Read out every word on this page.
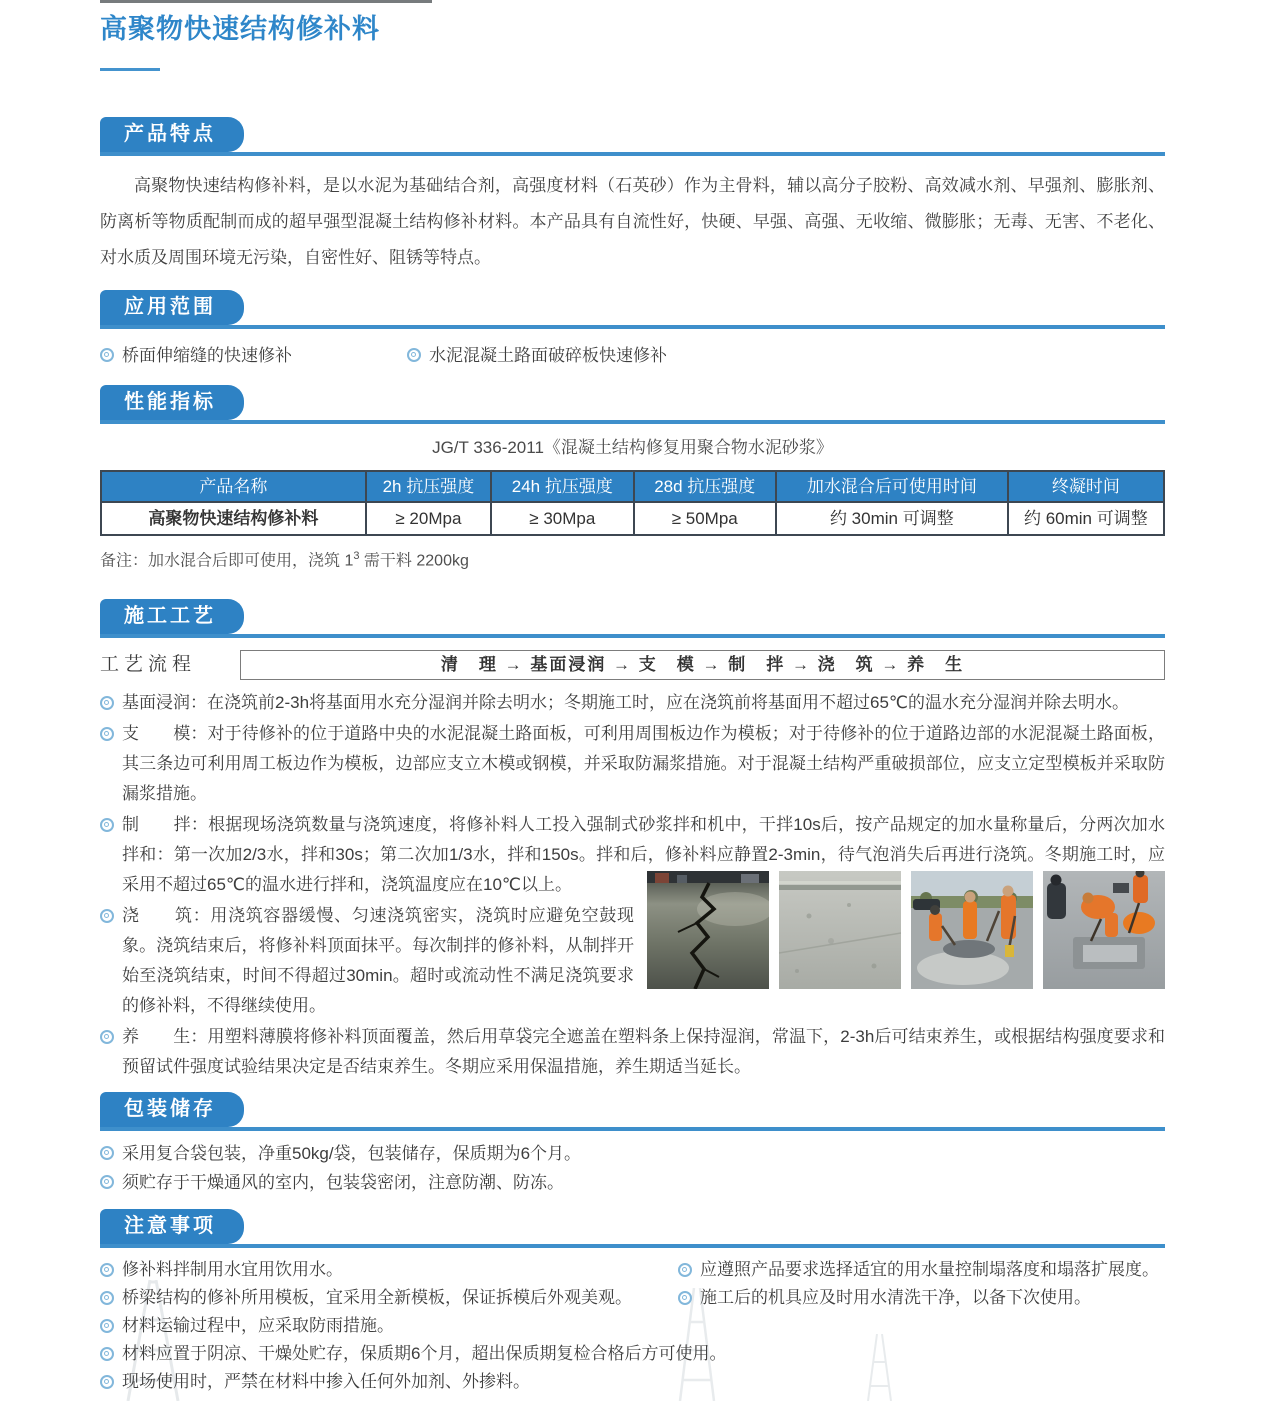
高聚物快速结构修补料
产品特点
高聚物快速结构修补料，是以水泥为基础结合剂，高强度材料（石英砂）作为主骨料，辅以高分子胶粉、高效减水剂、早强剂、膨胀剂、防离析等物质配制而成的超早强型混凝土结构修补材料。本产品具有自流性好，快硬、早强、高强、无收缩、微膨胀；无毒、无害、不老化、对水质及周围环境无污染，自密性好、阻锈等特点。
应用范围
桥面伸缩缝的快速修补	水泥混凝土路面破碎板快速修补
性能指标
JG/T 336-2011《混凝土结构修复用聚合物水泥砂浆》
产品名称	2h 抗压强度	24h 抗压强度	28d 抗压强度	加水混合后可使用时间	终凝时间
高聚物快速结构修补料	≥ 20Mpa	≥ 30Mpa	≥ 50Mpa	约 30min 可调整	约 60min 可调整
备注：加水混合后即可使用，浇筑 $1^3$ 需干料 2200kg
施工工艺
工艺流程	清　理 → 基面浸润 → 支　模 → 制　拌 → 浇　筑 → 养　生
基面浸润：在浇筑前2-3h将基面用水充分湿润并除去明水；冬期施工时，应在浇筑前将基面用不超过65℃的温水充分湿润并除去明水。
支　　模：对于待修补的位于道路中央的水泥混凝土路面板，可利用周围板边作为模板；对于待修补的位于道路边部的水泥混凝土路面板，其三条边可利用周工板边作为模板，边部应支立木模或钢模，并采取防漏浆措施。对于混凝土结构严重破损部位，应支立定型模板并采取防漏浆措施。
制　　拌：根据现场浇筑数量与浇筑速度，将修补料人工投入强制式砂浆拌和机中，干拌10s后，按产品规定的加水量称量后，分两次加水拌和：第一次加2/3水，拌和30s；第二次加1/3水，拌和150s。拌和后，修补料应静置2-3min，待气泡消失后再进行浇筑。冬期施工时，应采用不超过65℃的温水进行拌和，浇筑温度应在10℃以上。
浇　　筑：用浇筑容器缓慢、匀速浇筑密实，浇筑时应避免空鼓现象。浇筑结束后，将修补料顶面抹平。每次制拌的修补料，从制拌开始至浇筑结束，时间不得超过30min。超时或流动性不满足浇筑要求的修补料，不得继续使用。
养　　生：用塑料薄膜将修补料顶面覆盖，然后用草袋完全遮盖在塑料条上保持湿润，常温下，2-3h后可结束养生，或根据结构强度要求和预留试件强度试验结果决定是否结束养生。冬期应采用保温措施，养生期适当延长。
包装储存
采用复合袋包装，净重50kg/袋，包装储存，保质期为6个月。
须贮存于干燥通风的室内，包装袋密闭，注意防潮、防冻。
注意事项
修补料拌制用水宜用饮用水。	应遵照产品要求选择适宜的用水量控制塌落度和塌落扩展度。
桥梁结构的修补所用模板，宜采用全新模板，保证拆模后外观美观。	施工后的机具应及时用水清洗干净，以备下次使用。
材料运输过程中，应采取防雨措施。
材料应置于阴凉、干燥处贮存，保质期6个月，超出保质期复检合格后方可使用。
现场使用时，严禁在材料中掺入任何外加剂、外掺料。
